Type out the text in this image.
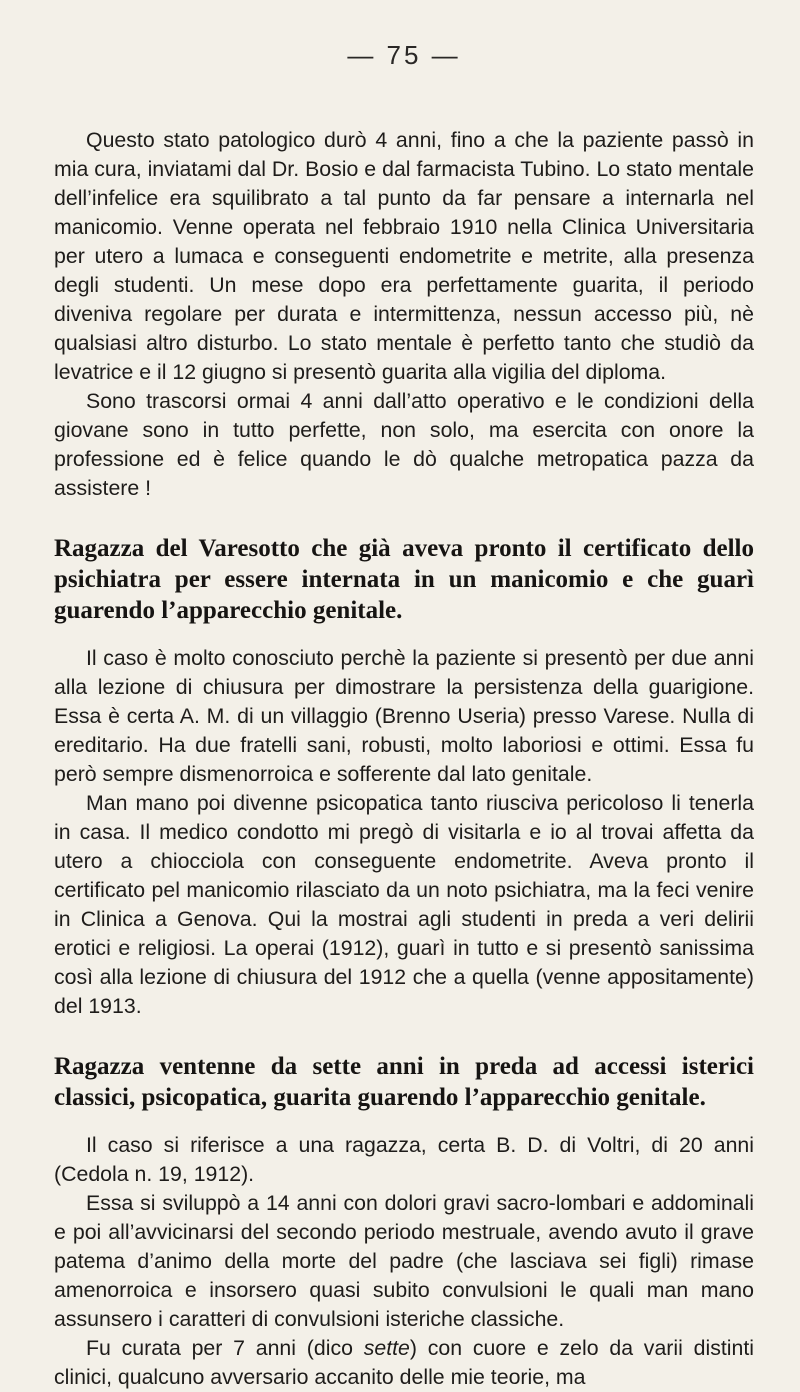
— 75 —

Questo stato patologico durò 4 anni, fino a che la paziente passò in mia cura, inviatami dal Dr. Bosio e dal farmacista Tubino. Lo stato mentale dell’infelice era squilibrato a tal punto da far pensare a internarla nel manicomio. Venne operata nel febbraio 1910 nella Clinica Universitaria per utero a lumaca e conseguenti endometrite e metrite, alla presenza degli studenti. Un mese dopo era perfettamente guarita, il periodo diveniva regolare per durata e intermittenza, nessun accesso più, nè qualsiasi altro disturbo. Lo stato mentale è perfetto tanto che studiò da levatrice e il 12 giugno si presentò guarita alla vigilia del diploma.

Sono trascorsi ormai 4 anni dall’atto operativo e le condizioni della giovane sono in tutto perfette, non solo, ma esercita con onore la professione ed è felice quando le dò qualche metropatica pazza da assistere !

Ragazza del Varesotto che già aveva pronto il certificato dello psichiatra per essere internata in un manicomio e che guarì guarendo l’apparecchio genitale.

Il caso è molto conosciuto perchè la paziente si presentò per due anni alla lezione di chiusura per dimostrare la persistenza della guarigione. Essa è certa A. M. di un villaggio (Brenno Useria) presso Varese. Nulla di ereditario. Ha due fratelli sani, robusti, molto laboriosi e ottimi. Essa fu però sempre dismenorroica e sofferente dal lato genitale.

Man mano poi divenne psicopatica tanto riusciva pericoloso li tenerla in casa. Il medico condotto mi pregò di visitarla e io al trovai affetta da utero a chiocciola con conseguente endometrite. Aveva pronto il certificato pel manicomio rilasciato da un noto psichiatra, ma la feci venire in Clinica a Genova. Qui la mostrai agli studenti in preda a veri delirii erotici e religiosi. La operai (1912), guarì in tutto e si presentò sanissima così alla lezione di chiusura del 1912 che a quella (venne appositamente) del 1913.

Ragazza ventenne da sette anni in preda ad accessi isterici classici, psicopatica, guarita guarendo l’apparecchio genitale.

Il caso si riferisce a una ragazza, certa B. D. di Voltri, di 20 anni (Cedola n. 19, 1912).

Essa si sviluppò a 14 anni con dolori gravi sacro-lombari e addominali e poi all’avvicinarsi del secondo periodo mestruale, avendo avuto il grave patema d’animo della morte del padre (che lasciava sei figli) rimase amenorroica e insorsero quasi subito convulsioni le quali man mano assunsero i caratteri di convulsioni isteriche classiche.

Fu curata per 7 anni (dico sette) con cuore e zelo da varii distinti clinici, qualcuno avversario accanito delle mie teorie, ma
